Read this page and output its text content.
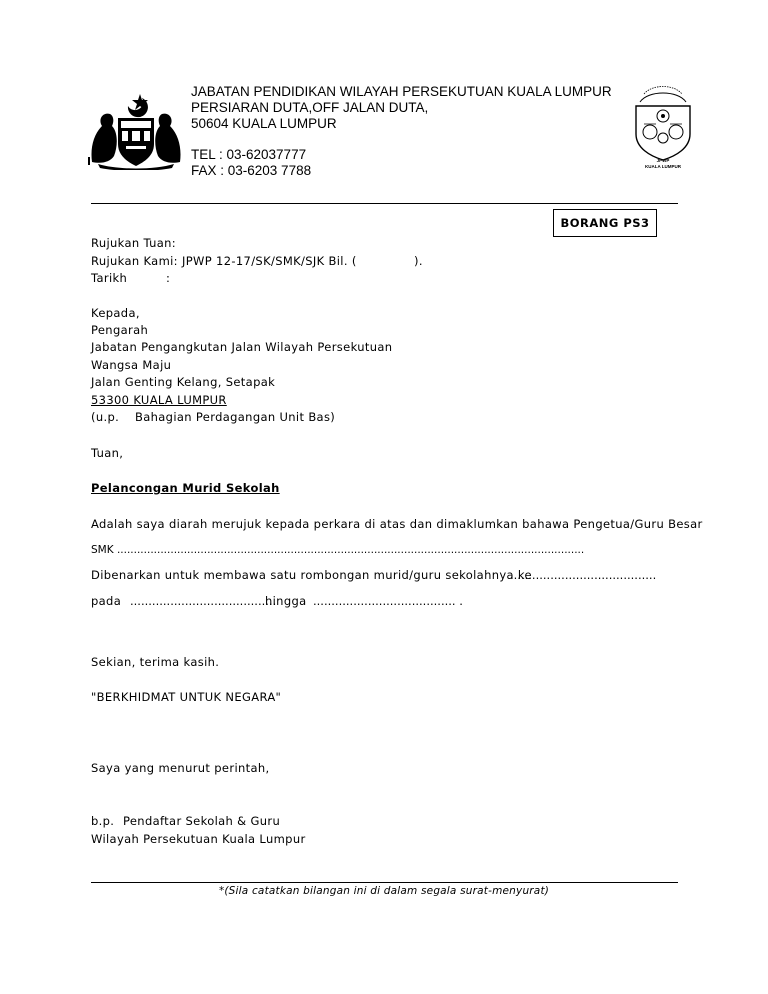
JABATAN PENDIDIKAN WILAYAH PERSEKUTUAN KUALA LUMPUR
PERSIARAN DUTA,OFF JALAN DUTA,
50604 KUALA LUMPUR
TEL : 03-62037777
FAX : 03-6203 7788
JPWP
KUALA LUMPUR
BORANG PS3
Rujukan Tuan:
Rujukan Kami: JPWP 12-17/SK/SMK/SJK Bil. (	).
Tarikh	:
Kepada,
Pengarah
Jabatan Pengangkutan Jalan Wilayah Persekutuan
Wangsa Maju
Jalan Genting Kelang, Setapak
53300 KUALA LUMPUR
(u.p. Bahagian Perdagangan Unit Bas)
Tuan,
Pelancongan Murid Sekolah
Adalah saya diarah merujuk kepada perkara di atas dan dimaklumkan bahawa Pengetua/Guru Besar
SMK ............................................................................................................................................
Dibenarkan untuk membawa satu rombongan murid/guru sekolahnya ke
........................................
pada ........................................
hingga ....................................... .
Sekian, terima kasih.
"BERKHIDMAT UNTUK NEGARA"
Saya yang menurut perintah,
b.p. Pendaftar Sekolah & Guru
Wilayah Persekutuan Kuala Lumpur
*(Sila catatkan bilangan ini di dalam segala surat-menyurat)
